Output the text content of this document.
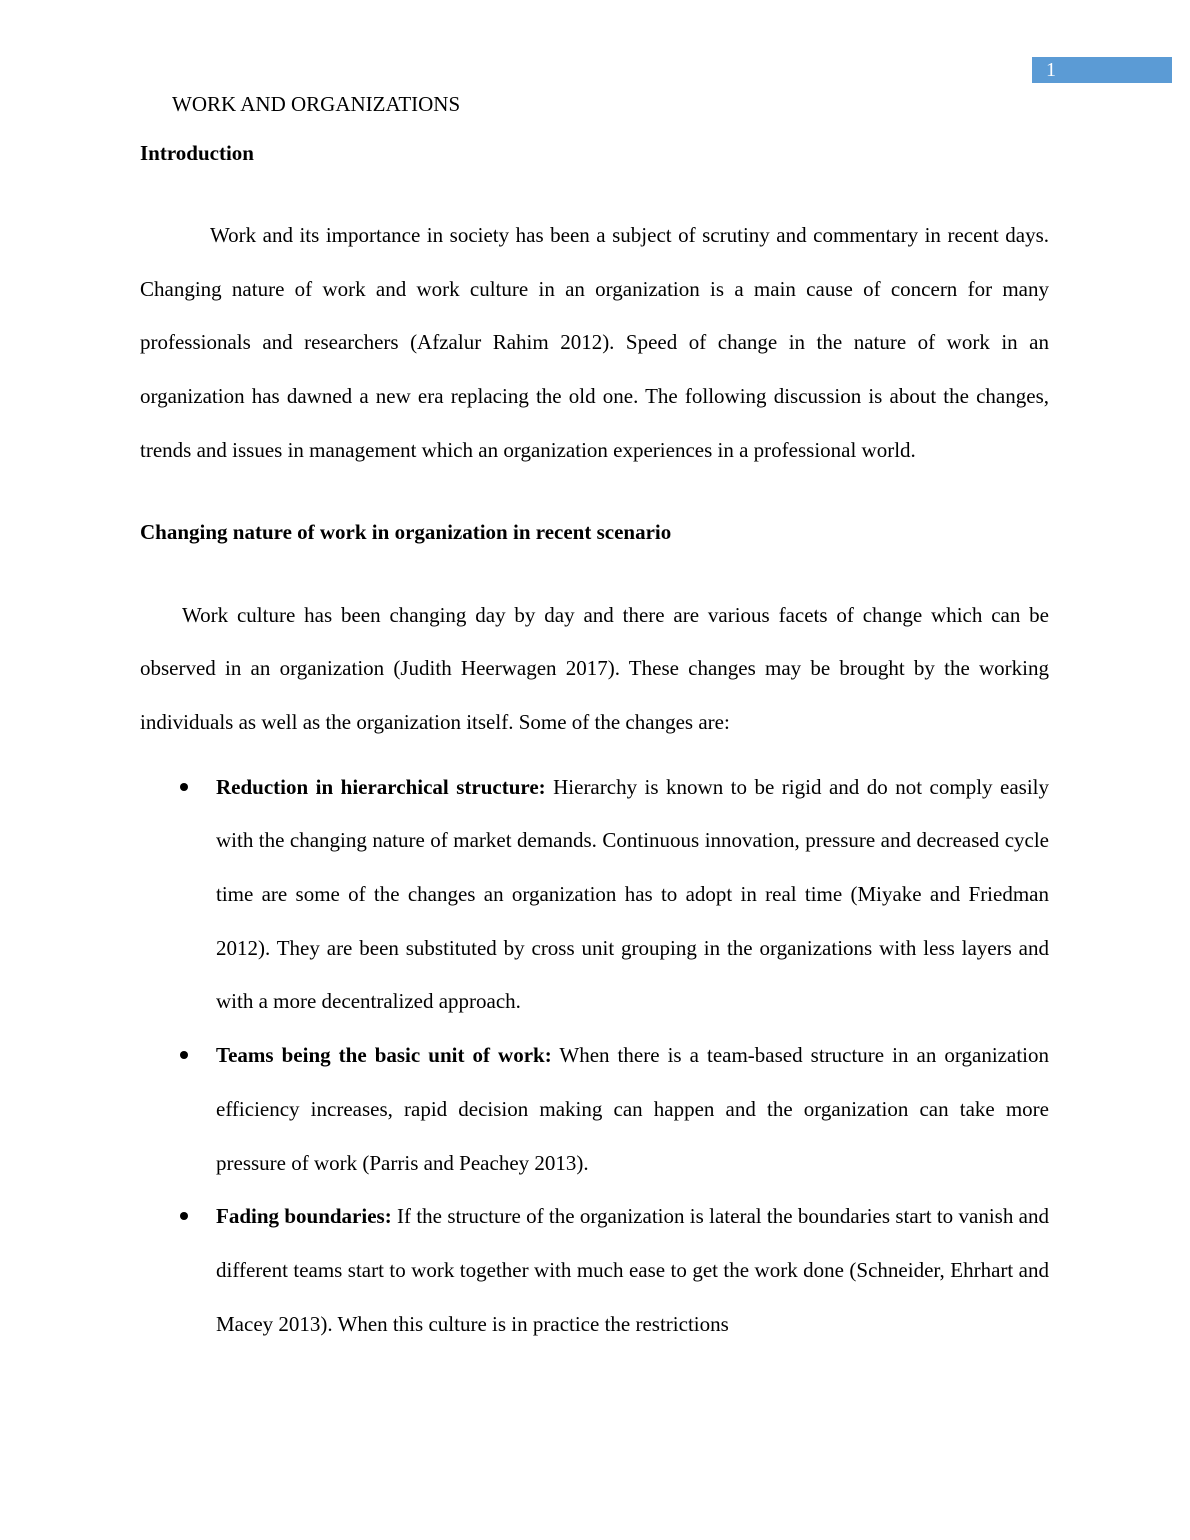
1
WORK AND ORGANIZATIONS

Introduction

Work and its importance in society has been a subject of scrutiny and commentary in recent days. Changing nature of work and work culture in an organization is a main cause of concern for many professionals and researchers (Afzalur Rahim 2012). Speed of change in the nature of work in an organization has dawned a new era replacing the old one. The following discussion is about the changes, trends and issues in management which an organization experiences in a professional world.

Changing nature of work in organization in recent scenario

Work culture has been changing day by day and there are various facets of change which can be observed in an organization (Judith Heerwagen 2017). These changes may be brought by the working individuals as well as the organization itself. Some of the changes are:

Reduction in hierarchical structure: Hierarchy is known to be rigid and do not comply easily with the changing nature of market demands. Continuous innovation, pressure and decreased cycle time are some of the changes an organization has to adopt in real time (Miyake and Friedman 2012). They are been substituted by cross unit grouping in the organizations with less layers and with a more decentralized approach.
Teams being the basic unit of work: When there is a team-based structure in an organization efficiency increases, rapid decision making can happen and the organization can take more pressure of work (Parris and Peachey 2013).
Fading boundaries: If the structure of the organization is lateral the boundaries start to vanish and different teams start to work together with much ease to get the work done (Schneider, Ehrhart and Macey 2013). When this culture is in practice the restrictions
